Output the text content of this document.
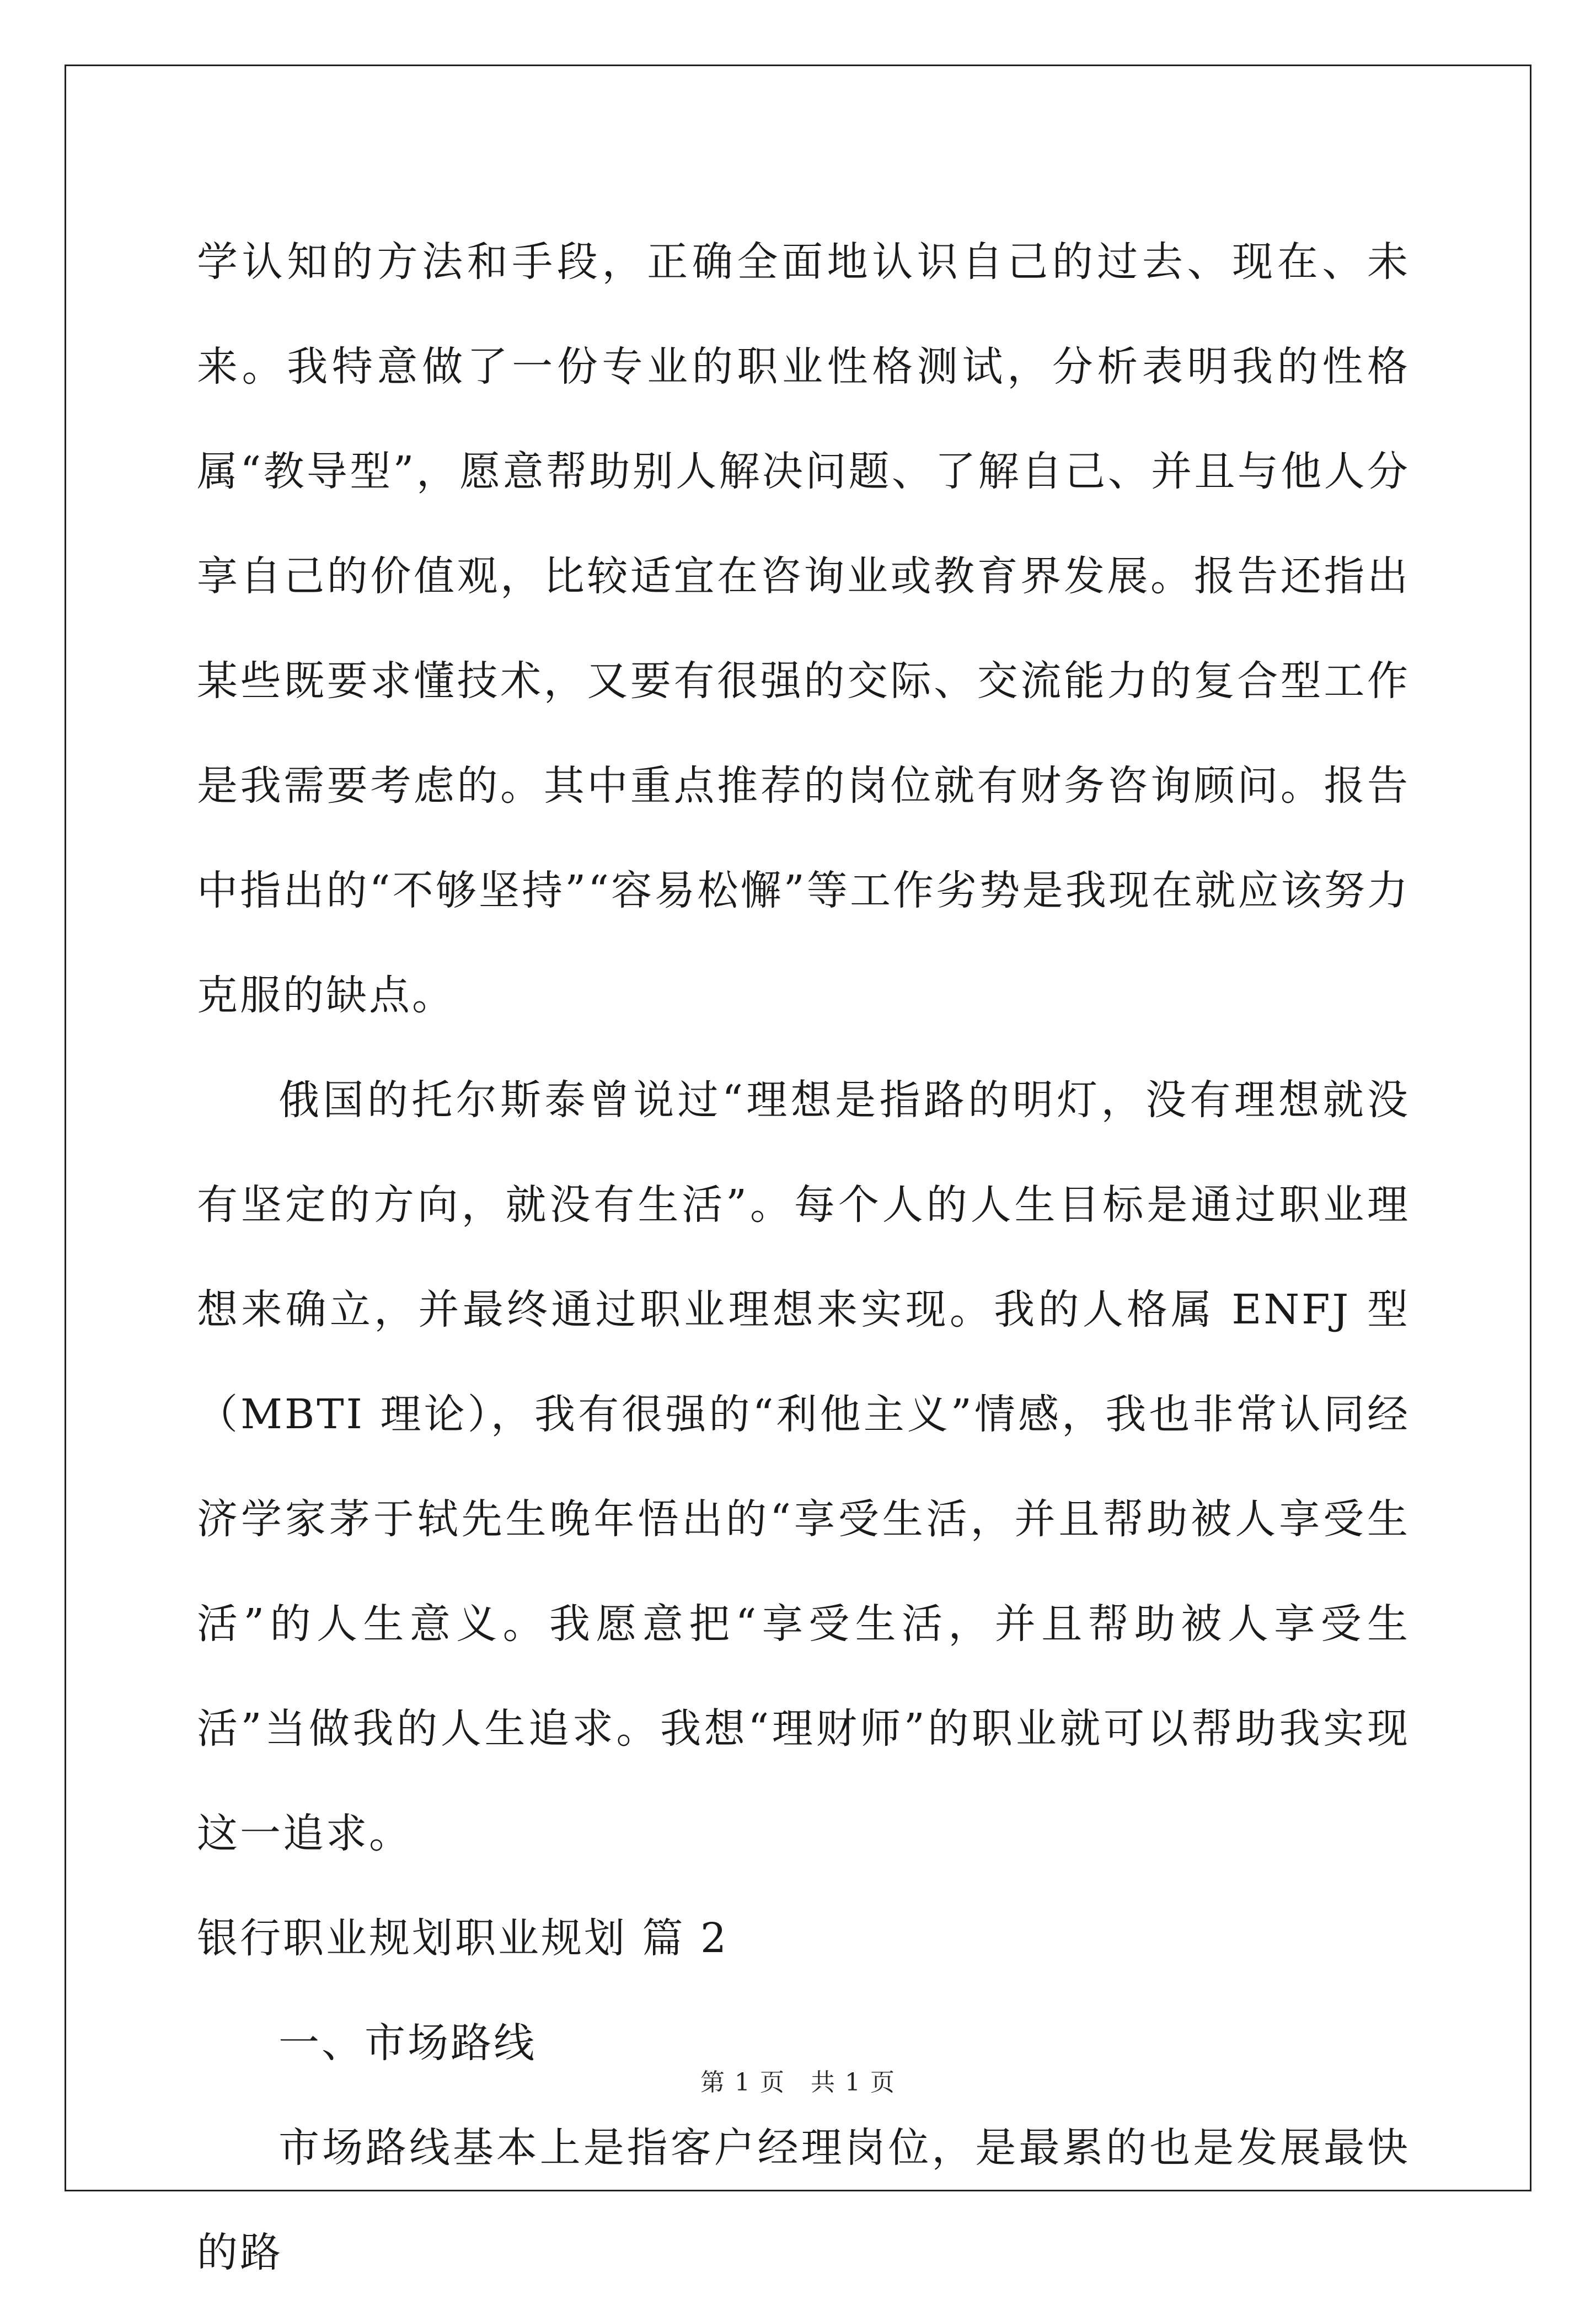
学认知的方法和手段，正确全面地认识自己的过去、现在、未来。我特意做了一份专业的职业性格测试，分析表明我的性格属“教导型”，愿意帮助别人解决问题、了解自己、并且与他人分享自己的价值观，比较适宜在咨询业或教育界发展。报告还指出某些既要求懂技术，又要有很强的交际、交流能力的复合型工作是我需要考虑的。其中重点推荐的岗位就有财务咨询顾问。报告中指出的“不够坚持”“容易松懈”等工作劣势是我现在就应该努力克服的缺点。

俄国的托尔斯泰曾说过“理想是指路的明灯，没有理想就没有坚定的方向，就没有生活”。每个人的人生目标是通过职业理想来确立，并最终通过职业理想来实现。我的人格属 ENFJ 型（MBTI 理论），我有很强的“利他主义”情感，我也非常认同经济学家茅于轼先生晚年悟出的“享受生活，并且帮助被人享受生活”的人生意义。我愿意把“享受生活，并且帮助被人享受生活”当做我的人生追求。我想“理财师”的职业就可以帮助我实现这一追求。

银行职业规划职业规划 篇 2

一、市场路线

市场路线基本上是指客户经理岗位，是最累的也是发展最快的路

第 1 页　共 1 页
